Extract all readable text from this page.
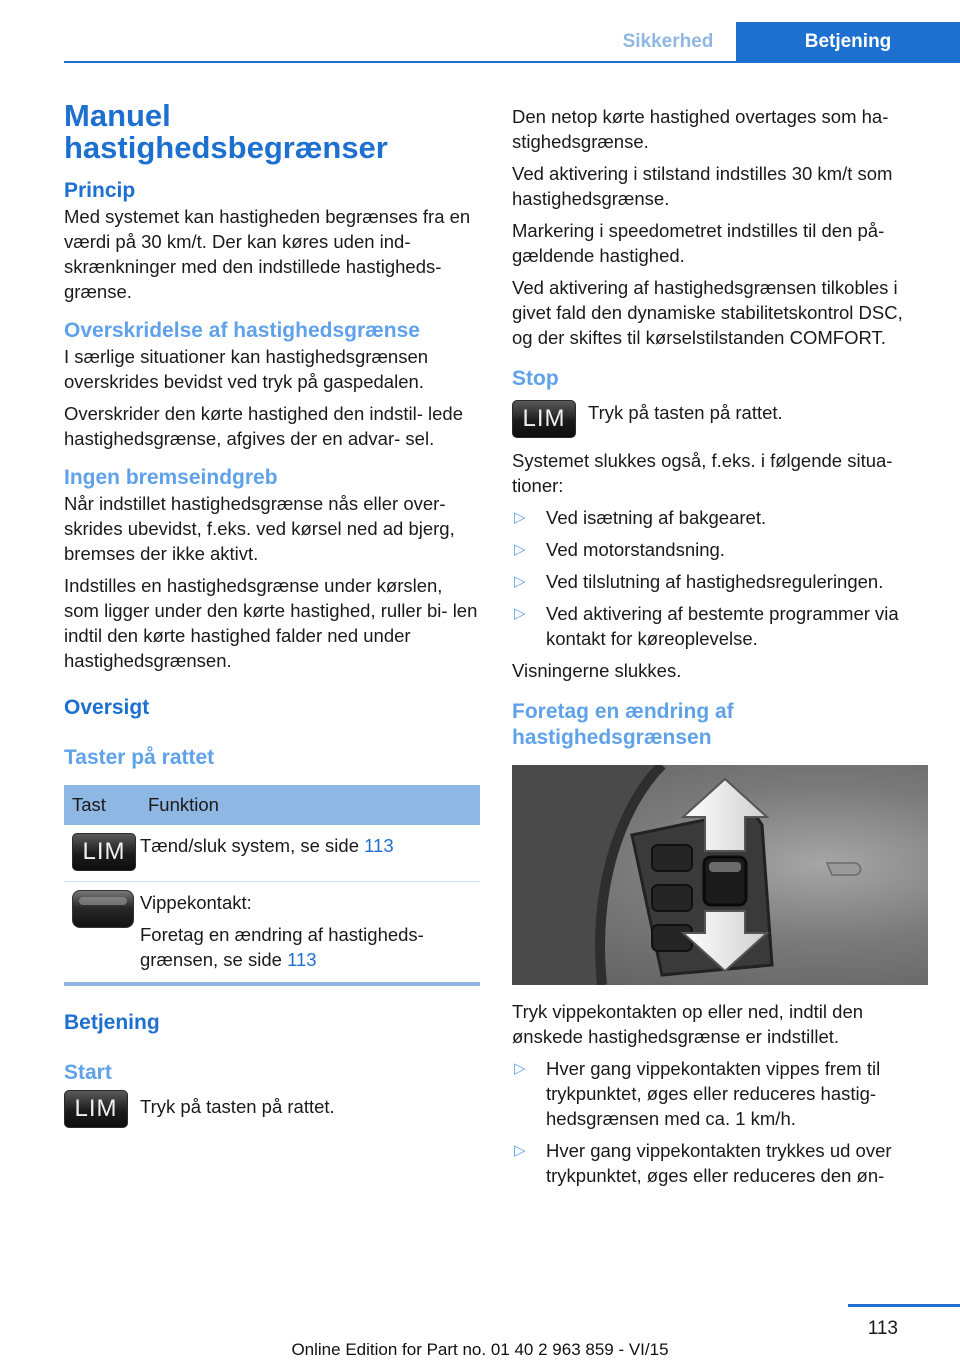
Sikkerhed	Betjening
Manuel
hastighedsbegrænser
Princip

Med systemet kan hastigheden begrænses fra en værdi på 30 km/t. Der kan køres uden ind- skrænkninger med den indstillede hastigheds- grænse.

Overskridelse af hastighedsgrænse

I særlige situationer kan hastighedsgrænsen overskrides bevidst ved tryk på gaspedalen.

Overskrider den kørte hastighed den indstil- lede hastighedsgrænse, afgives der en advar- sel.

Ingen bremseindgreb

Når indstillet hastighedsgrænse nås eller over- skrides ubevidst, f.eks. ved kørsel ned ad bjerg, bremses der ikke aktivt.

Indstilles en hastighedsgrænse under kørslen, som ligger under den kørte hastighed, ruller bi- len indtil den kørte hastighed falder ned under hastighedsgrænsen.

Oversigt
Taster på rattet
Tast	Funktion
LIM	Tænd/sluk system, se side 113

	Vippekontakt:
Foretag en ændring af hastigheds- grænsen, se side 113
Betjening
Start
LIM	Tryk på tasten på rattet.

Den netop kørte hastighed overtages som ha- stighedsgrænse.

Ved aktivering i stilstand indstilles 30 km/t som hastighedsgrænse.

Markering i speedometret indstilles til den på- gældende hastighed.

Ved aktivering af hastighedsgrænsen tilkobles i givet fald den dynamiske stabilitetskontrol DSC, og der skiftes til kørselstilstanden COMFORT.

Stop
LIM	Tryk på tasten på rattet.

Systemet slukkes også, f.eks. i følgende situa- tioner:

▷ Ved isætning af bakgearet.
▷ Ved motorstandsning.
▷ Ved tilslutning af hastighedsreguleringen.
▷ Ved aktivering af bestemte programmer via kontakt for køreoplevelse.

Visningerne slukkes.

Foretag en ændring af hastighedsgrænsen

Tryk vippekontakten op eller ned, indtil den ønskede hastighedsgrænse er indstillet.

▷ Hver gang vippekontakten vippes frem til trykpunktet, øges eller reduceres hastig- hedsgrænsen med ca. 1 km/h.
▷ Hver gang vippekontakten trykkes ud over trykpunktet, øges eller reduceres den øn-
113
Online Edition for Part no. 01 40 2 963 859 - VI/15
